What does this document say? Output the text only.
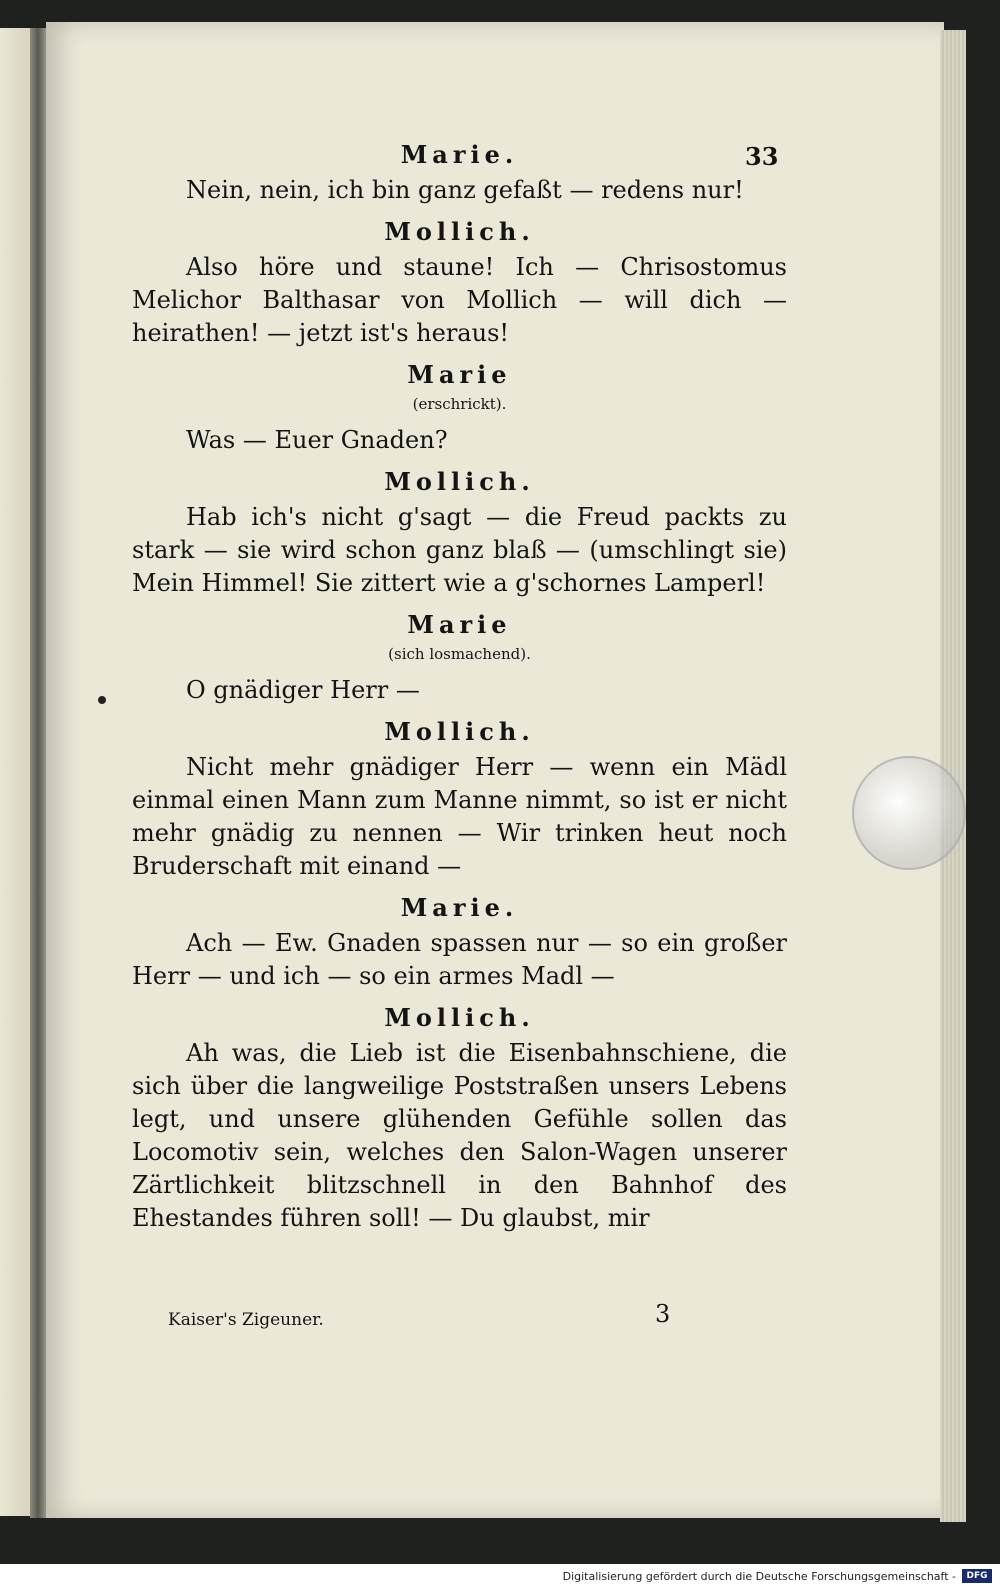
33
Marie.
Nein, nein, ich bin ganz gefaßt — redens nur!
Mollich.
Also höre und staune! Ich — Chrisostomus Melichor Balthasar von Mollich — will dich — heirathen! — jetzt ist's heraus!
Marie
(erschrickt).
Was — Euer Gnaden?
Mollich.
Hab ich's nicht g'sagt — die Freud packts zu stark — sie wird schon ganz blaß — (umschlingt sie) Mein Himmel! Sie zittert wie a g'schornes Lamperl!
Marie
(sich losmachend).
O gnädiger Herr —
Mollich.
Nicht mehr gnädiger Herr — wenn ein Mädl einmal einen Mann zum Manne nimmt, so ist er nicht mehr gnädig zu nennen — Wir trinken heut noch Bruderschaft mit einand —
Marie.
Ach — Ew. Gnaden spassen nur — so ein großer Herr — und ich — so ein armes Madl —
Mollich.
Ah was, die Lieb ist die Eisenbahnschiene, die sich über die langweilige Poststraßen unsers Lebens legt, und unsere glühenden Gefühle sollen das Locomotiv sein, welches den Salon-Wagen unserer Zärtlichkeit blitzschnell in den Bahnhof des Ehestandes führen soll! — Du glaubst, mir
Kaiser's Zigeuner.	3
Digitalisierung gefördert durch die Deutsche Forschungsgemeinschaft -	DFG
